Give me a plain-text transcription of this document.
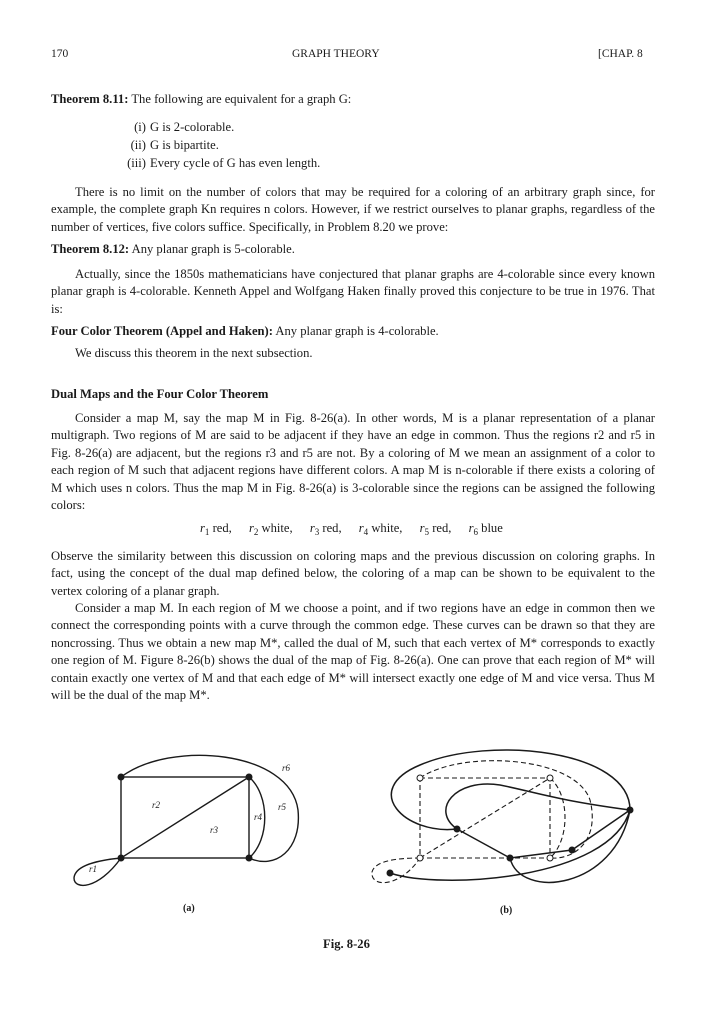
170	GRAPH THEORY	[CHAP. 8
Theorem 8.11: The following are equivalent for a graph G:
(i) G is 2-colorable.
(ii) G is bipartite.
(iii) Every cycle of G has even length.

There is no limit on the number of colors that may be required for a coloring of an arbitrary graph since, for example, the complete graph Kn requires n colors. However, if we restrict ourselves to planar graphs, regardless of the number of vertices, five colors suffice. Specifically, in Problem 8.20 we prove:

Theorem 8.12: Any planar graph is 5-colorable.

Actually, since the 1850s mathematicians have conjectured that planar graphs are 4-colorable since every known planar graph is 4-colorable. Kenneth Appel and Wolfgang Haken finally proved this conjecture to be true in 1976. That is:

Four Color Theorem (Appel and Haken): Any planar graph is 4-colorable.

We discuss this theorem in the next subsection.

Dual Maps and the Four Color Theorem

Consider a map M, say the map M in Fig. 8-26(a). In other words, M is a planar representation of a planar multigraph. Two regions of M are said to be adjacent if they have an edge in common. Thus the regions r2 and r5 in Fig. 8-26(a) are adjacent, but the regions r3 and r5 are not. By a coloring of M we mean an assignment of a color to each region of M such that adjacent regions have different colors. A map M is n-colorable if there exists a coloring of M which uses n colors. Thus the map M in Fig. 8-26(a) is 3-colorable since the regions can be assigned the following colors:

$r_1$ red, $r_2$ white, $r_3$ red, $r_4$ white, $r_5$ red, $r_6$ blue

Observe the similarity between this discussion on coloring maps and the previous discussion on coloring graphs. In fact, using the concept of the dual map defined below, the coloring of a map can be shown to be equivalent to the vertex coloring of a planar graph.

Consider a map M. In each region of M we choose a point, and if two regions have an edge in common then we connect the corresponding points with a curve through the common edge. These curves can be drawn so that they are noncrossing. Thus we obtain a new map M*, called the dual of M, such that each vertex of M* corresponds to exactly one region of M. Figure 8-26(b) shows the dual of the map of Fig. 8-26(a). One can prove that each region of M* will contain exactly one vertex of M and that each edge of M* will intersect exactly one edge of M and vice versa. Thus M will be the dual of the map M*.

r1
r2
r3
r4
r5
r6
(a)	(b)
Fig. 8-26
